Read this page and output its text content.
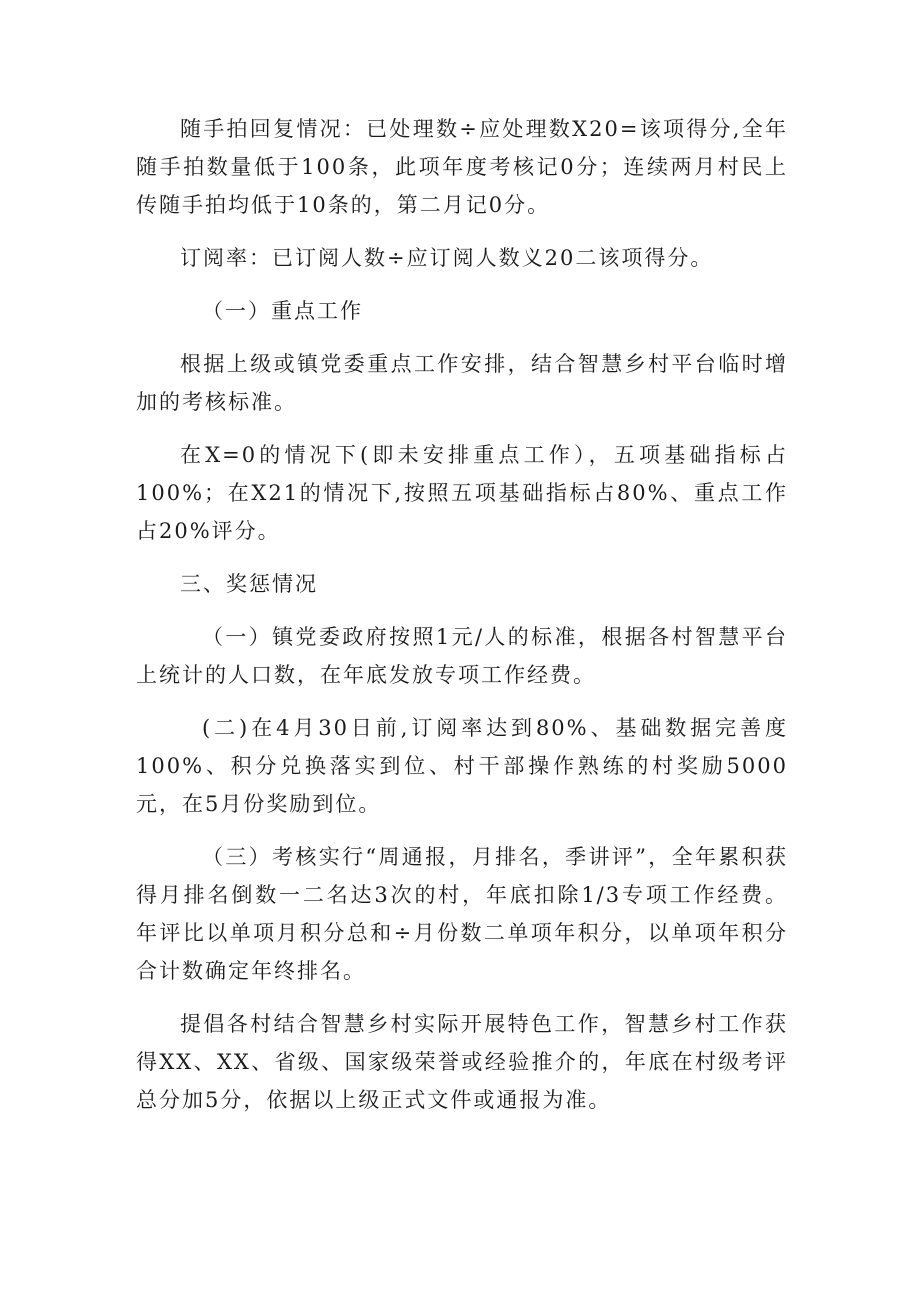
随手拍回复情况：已处理数÷应处理数X20=该项得分,全年随手拍数量低于100条，此项年度考核记0分；连续两月村民上传随手拍均低于10条的，第二月记0分。

订阅率：已订阅人数÷应订阅人数义20二该项得分。

（一）重点工作

根据上级或镇党委重点工作安排，结合智慧乡村平台临时增加的考核标准。

在X=0的情况下(即未安排重点工作），五项基础指标占100%；在X21的情况下,按照五项基础指标占80%、重点工作占20%评分。

三、奖惩情况

（一）镇党委政府按照1元/人的标准，根据各村智慧平台上统计的人口数，在年底发放专项工作经费。

(二)在4月30日前,订阅率达到80%、基础数据完善度100%、积分兑换落实到位、村干部操作熟练的村奖励5000元，在5月份奖励到位。

（三）考核实行“周通报，月排名，季讲评”，全年累积获得月排名倒数一二名达3次的村，年底扣除1/3专项工作经费。年评比以单项月积分总和÷月份数二单项年积分，以单项年积分合计数确定年终排名。

提倡各村结合智慧乡村实际开展特色工作，智慧乡村工作获得XX、XX、省级、国家级荣誉或经验推介的，年底在村级考评总分加5分，依据以上级正式文件或通报为准。
